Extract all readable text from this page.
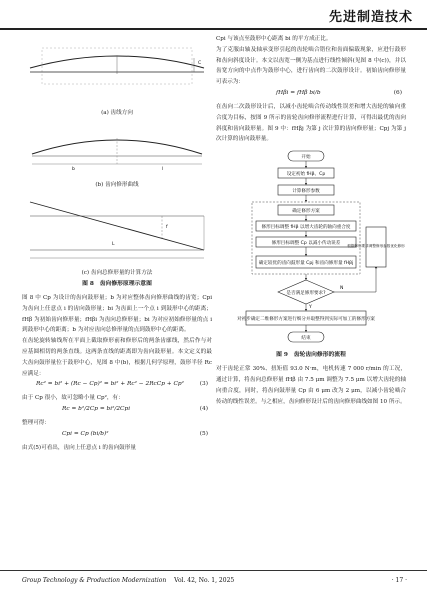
先进制造技术
C

(a) 齿线方向

b	l

(b) 齿向修形曲线

f
L

(c) 齿向总修形量的计算方法

图 8　齿向修形原理示意图

图 8 中 Cp 为设计的齿向鼓形量；b 为对应整体齿向修形曲线的齿宽；Cpi 为齿向上任意点 i 的齿向鼓形量；bi 为齿面上一个点 i 到鼓形中心的距离；fHβ 为初始齿向修形量；fHβi 为齿向总修形量；bi 为对应初始修形量的点 i 到鼓形中心的距离；b 为对应齿向总修形量的点到鼓形中心的距离。

在齿轮旋转轴线所在平面上截取修形前和修形后的两条齿廓线，然后作与对应基圆相切的两条直线。这两条直线的距离即为齿向鼓形量。本文定义的最大齿向鼓形量位于鼓形中心，见图 8 中(b)，根据几何学原理，鼓形半径 Rc 应满足：

Rc² = bi² + (Rc − Cp)² = bi² + Rc² − 2RcCp + Cp²	(3)

由于 Cp 很小，故可忽略小量 Cp²，有：

Rc = b²/2Cp = bi²/2Cpi	(4)

整理可得：

Cpi = Cp (bi/b)²	(5)

由式(5)可看出，齿向上任意点 i 的齿向鼓形量

Cpi 与该点至鼓形中心距离 bi 的平方成正比。

为了克服由轴及轴承变形引起的齿轮啮合错位和齿面偏载现象，应进行鼓形和齿向斜度设计。本文以齿宽一侧为基点进行线性倾斜(见图 8 中(c))，并以齿宽方向的中点作为鼓形中心，进行齿向的二次鼓形设计。初始齿向修形量可表示为：

fHβi = fHβ bi/b	(6)

在齿向二次鼓形设计后，以减小齿轮啮合传动线性误差和增大齿轮的轴向重合度为目标，按图 9 所示的齿轮齿向修形流程进行计算，可得出最优的齿向斜度和齿向鼓形量。图 9 中：fHβj 为第 j 次计算的齿向修形量；Cpj 为第 j 次计算的齿向鼓形量。

开始
设定初始 fHβ、Cp
计算修形参数
确定修形方案
修形目标调整 fHβ 以增大齿轮的轴向重合度
修形目标调整 Cp 以减小传动误差
确定较优的齿向鼓形量 Cpj 和齿向修形量 fHβj
是否满足修形要求?
N
根据修形要求调整修形参数优化修形
Y
对初步确定二维修形方案进行细分并取整得到实际可加工的修形方案
结束

图 9　齿轮齿向修形的流程

对于齿轮正常 30%、扭矩值 93.0 N·m，电机转速 7 000 r/min 的工况，通过计算，将齿向总修形量 fHβ 由 7.5 μm 调整为 7.5 μm 以增大齿轮的轴向重合度，同时，将齿向鼓形量 Cp 由 6 μm 改为 2 μm，以减小齿轮啮合传动的线性误差。与之相应，齿向修形设计后的齿向修形曲线如图 10 所示。

Group Technology & Production Modernization Vol. 42, No. 1, 2025	· 17 ·
